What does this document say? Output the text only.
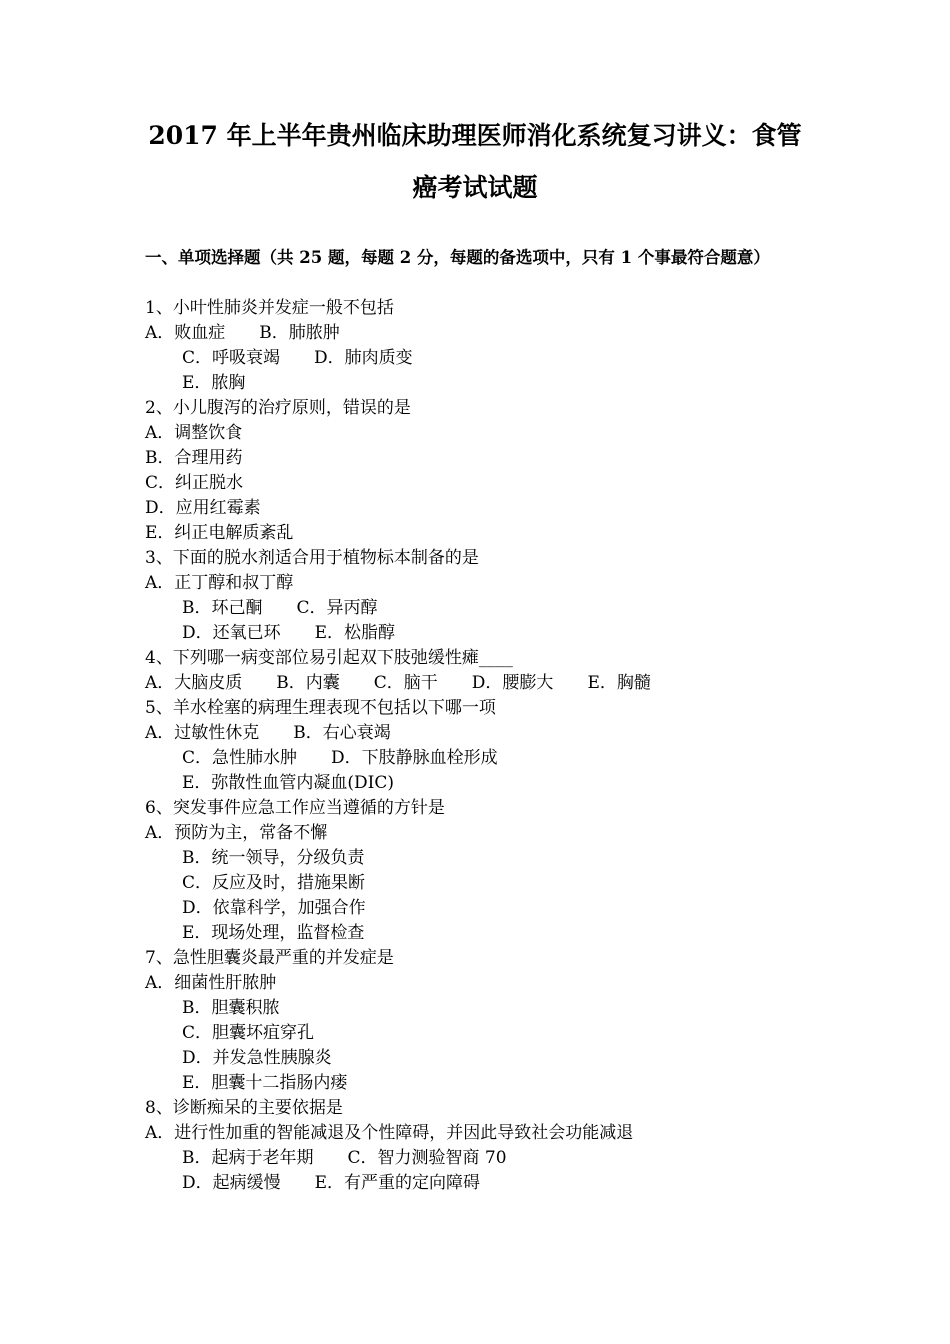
2017 年上半年贵州临床助理医师消化系统复习讲义：食管
癌考试试题
一、单项选择题（共 25 题，每题 2 分，每题的备选项中，只有 1 个事最符合题意）
1、小叶性肺炎并发症一般不包括
A．败血症 B．肺脓肿
C．呼吸衰竭 D．肺肉质变
E．脓胸
2、小儿腹泻的治疗原则，错误的是
A．调整饮食
B．合理用药
C．纠正脱水
D．应用红霉素
E．纠正电解质紊乱
3、下面的脱水剂适合用于植物标本制备的是
A．正丁醇和叔丁醇
B．环己酮 C．异丙醇
D．还氧已环 E．松脂醇
4、下列哪一病变部位易引起双下肢弛缓性瘫____
A．大脑皮质 B．内囊 C．脑干 D．腰膨大 E．胸髓
5、羊水栓塞的病理生理表现不包括以下哪一项
A．过敏性休克 B．右心衰竭
C．急性肺水肿 D．下肢静脉血栓形成
E．弥散性血管内凝血(DIC)
6、突发事件应急工作应当遵循的方针是
A．预防为主，常备不懈
B．统一领导，分级负责
C．反应及时，措施果断
D．依靠科学，加强合作
E．现场处理，监督检查
7、急性胆囊炎最严重的并发症是
A．细菌性肝脓肿
B．胆囊积脓
C．胆囊坏疽穿孔
D．并发急性胰腺炎
E．胆囊十二指肠内瘘
8、诊断痴呆的主要依据是
A．进行性加重的智能减退及个性障碍，并因此导致社会功能减退
B．起病于老年期 C．智力测验智商 70
D．起病缓慢 E．有严重的定向障碍
